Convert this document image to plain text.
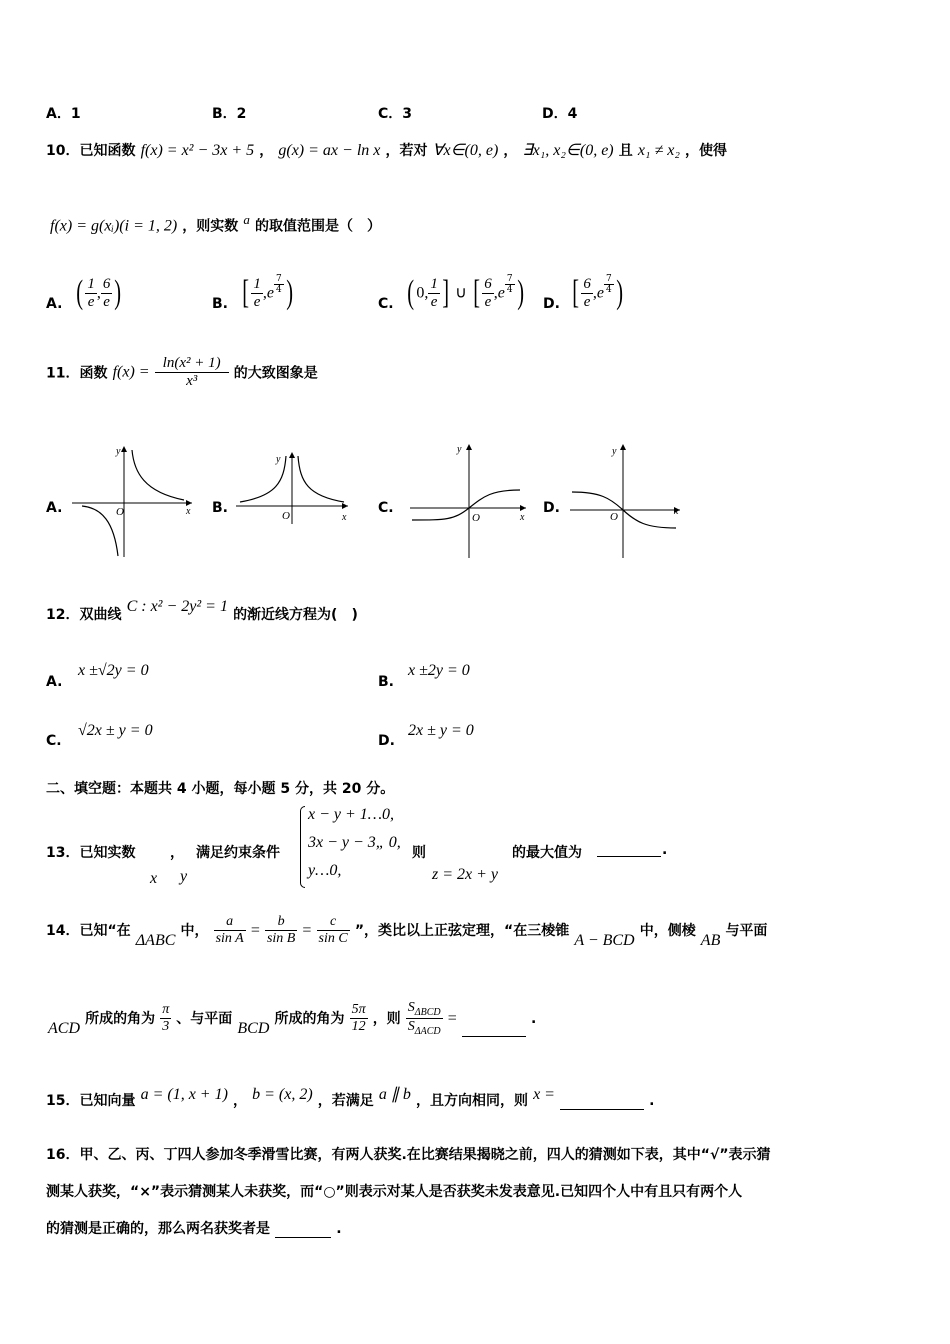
A．1	B．2	C．3	D．4
10．已知函数 f(x) = x² − 3x + 5 ， g(x) = ax − ln x ，若对 ∀x∈(0, e) ， ∃x₁, x₂∈(0, e) 且 x₁ ≠ x₂ ，使得
f(x) = g(xᵢ)(i = 1, 2) ，则实数 $^a$ 的取值范围是（　）
A. ( $\frac{1}{e}$ , $\frac{6}{e}$ )	B. [ $\frac{1}{e} ,e$ $^{\frac{7}{4}}$ )	C. ( 0, $\frac{1}{e}$ ] ∪ [ $\frac{6}{e} ,e$ $^{\frac{7}{4}}$ ) D. [ $\frac{6}{e} ,e$ $^{\frac{7}{4}}$ )
11．函数 $f(x) = \frac{\text{ln(x² + 1)}}{\text{x³}}$ 的大致图象是
A.
y
x
O	B.
y
x
O	C.
y
x
O
D.
y
x
O
12．双曲线 C : x² − 2y² = 1 的渐近线方程为(　)
A.
x ±√2y = 0
B.
x ±2y = 0
C.
√2x ± y = 0
D.
2x ± y = 0
二、填空题：本题共 4 小题，每小题 5 分，共 20 分。
13．已知实数 ， 满足约束条件
x y
x − y + 1…0,
3x − y − 3„ 0,
y…0,
则
z = 2x + y
的最大值为	.
14．已知“在 ΔABC 中， $\frac{a}{\text{sin A}} = \frac{b}{\text{sin B}} = \frac{c}{\text{sin C}}$ ”，类比以上正弦定理，“在三棱锥 A − BCD 中，侧棱 AB 与平面
ACD 所成的角为 $\frac{\pi}{3}$ 、与平面 BCD 所成的角为 $\frac{5\pi}{12}$ ，则 $\frac{S_{\Delta BCD}}{S_{\Delta ACD}}$ =	.
15．已知向量 a = (1, x + 1) ， b = (x, 2) ，若满足 a ∥ b ，且方向相同，则 x =	.
16．甲、乙、丙、丁四人参加冬季滑雪比赛，有两人获奖.在比赛结果揭晓之前，四人的猜测如下表，其中“√”表示猜
测某人获奖，“×”表示猜测某人未获奖，而“○”则表示对某人是否获奖未发表意见.已知四个人中有且只有两个人
的猜测是正确的，那么两名获奖者是	.
